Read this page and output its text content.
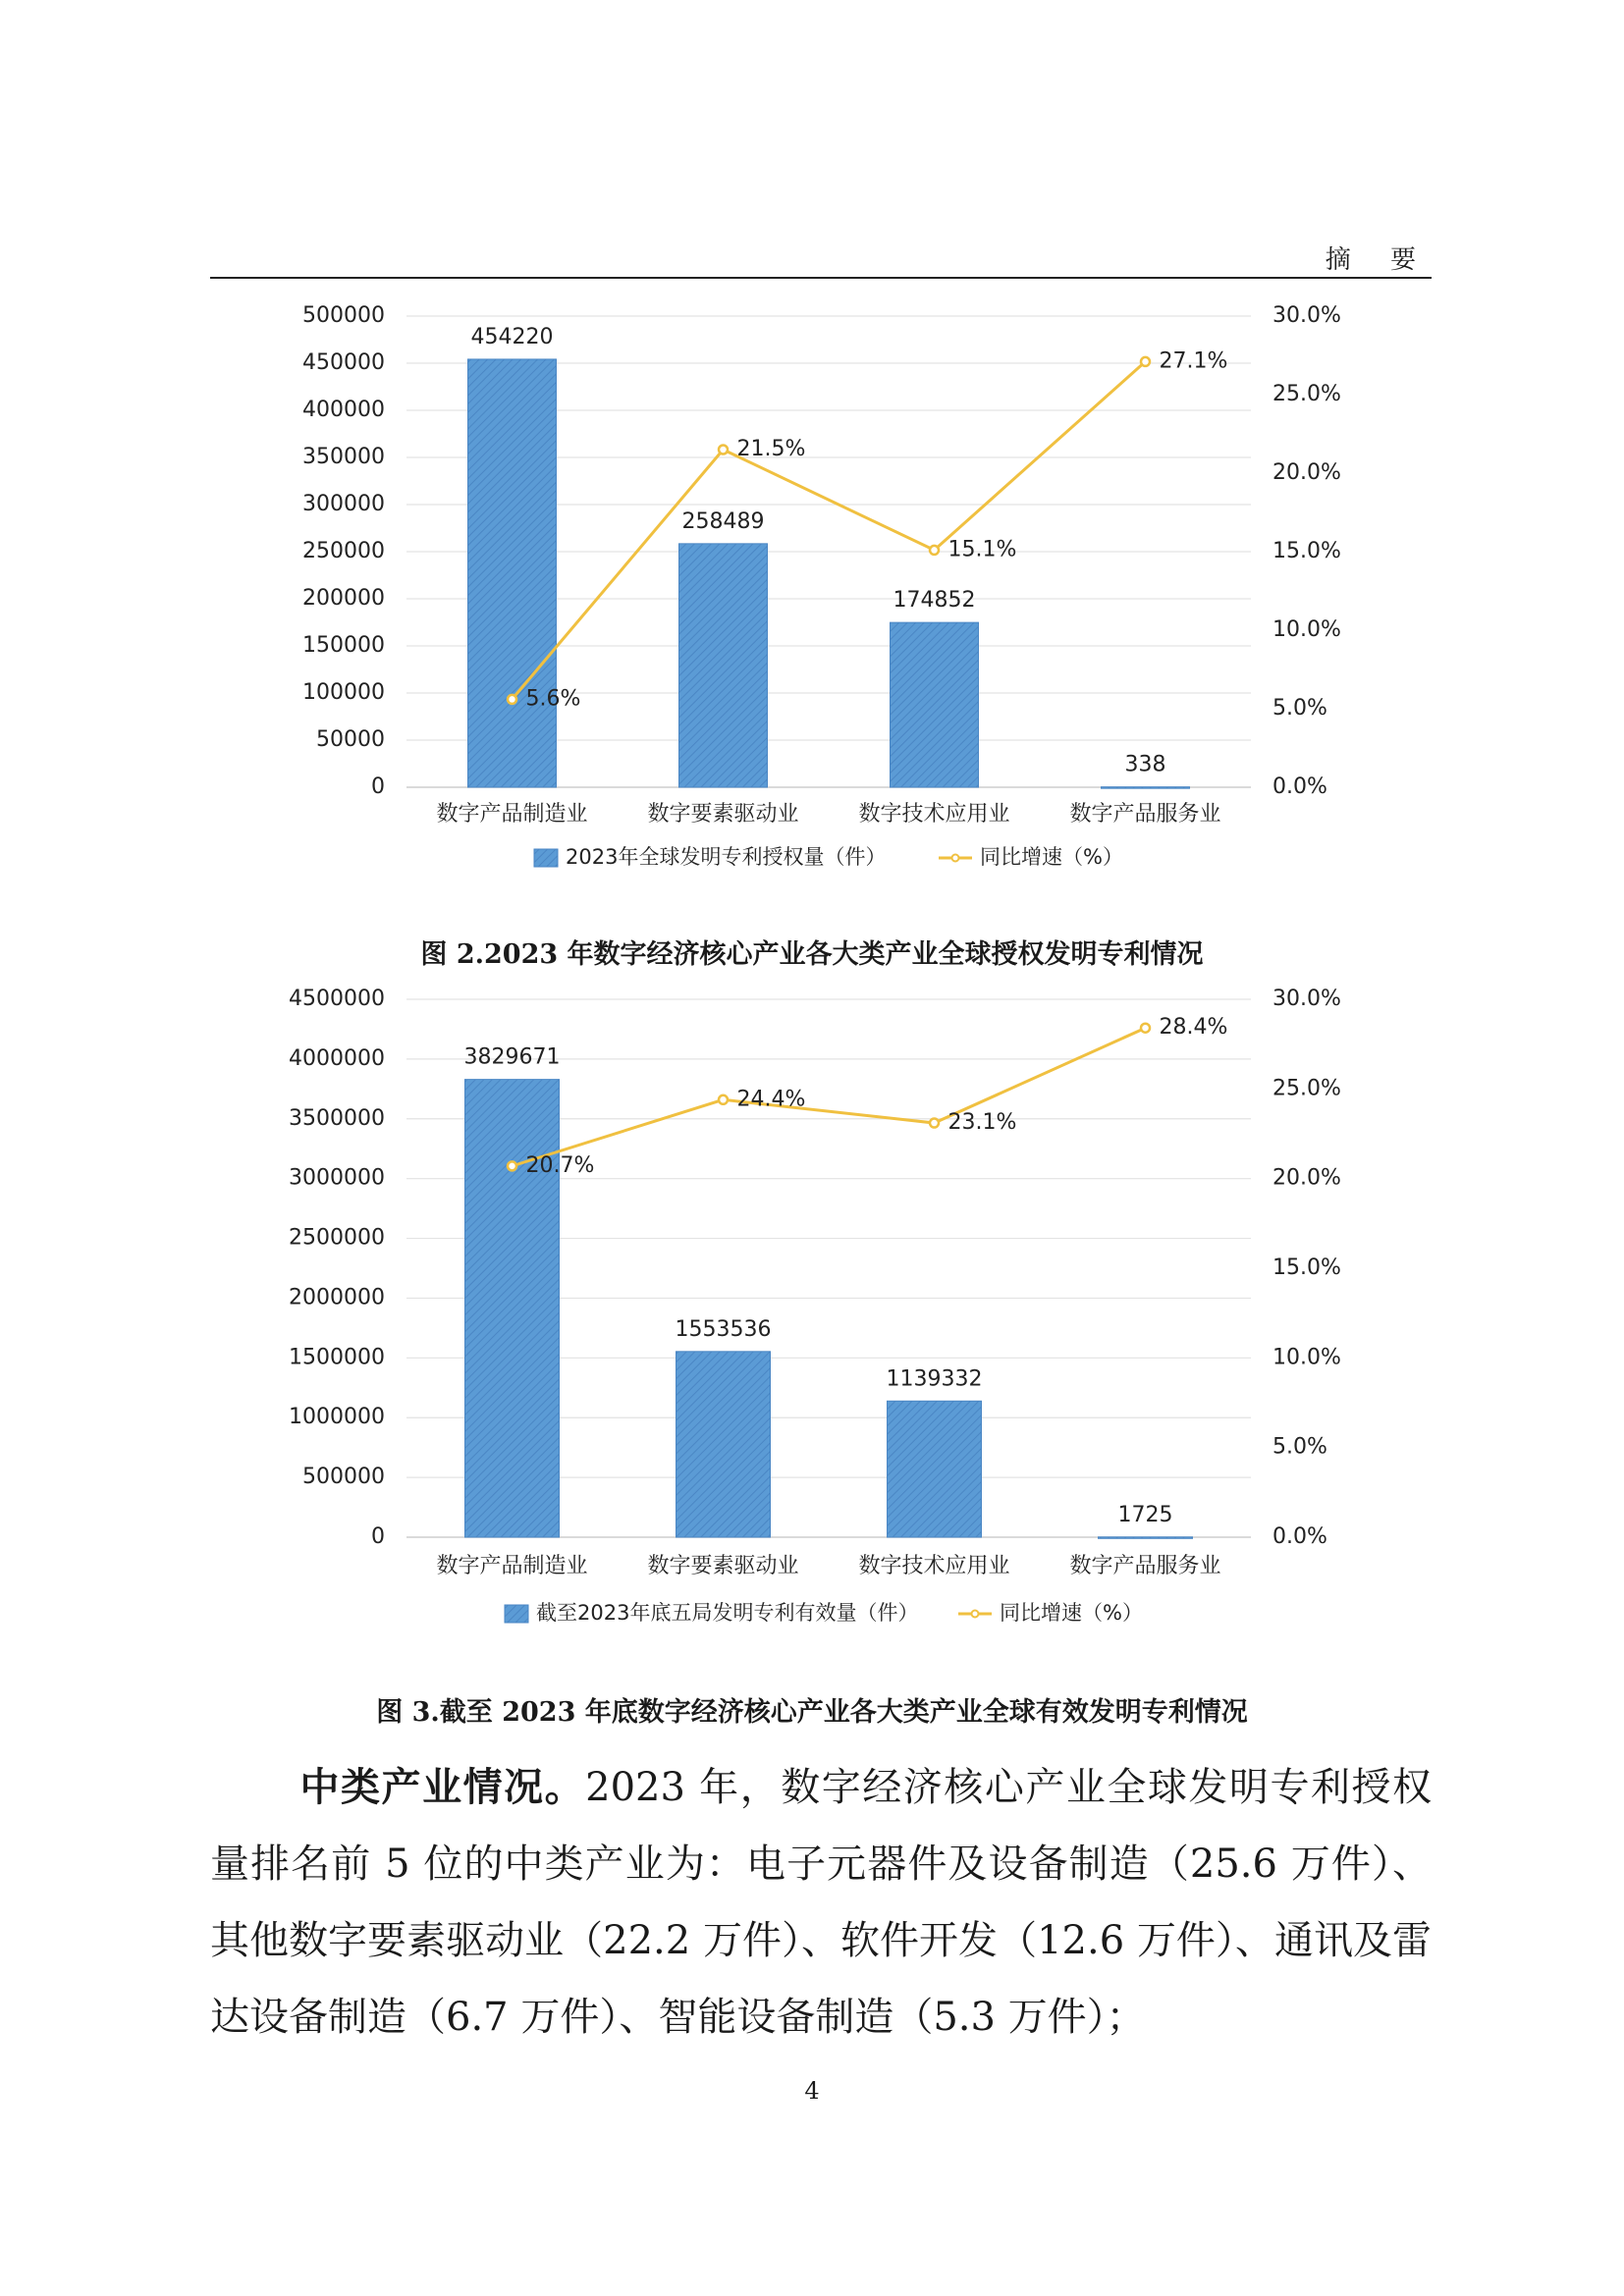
摘 要
0
50000
100000
150000
200000
250000
300000
350000
400000
450000
500000
0.0%
5.0%
10.0%
15.0%
20.0%
25.0%
30.0%
454220
数字产品制造业
258489
数字要素驱动业
174852
数字技术应用业
338
数字产品服务业
5.6%
21.5%
15.1%
27.1%
2023年全球发明专利授权量（件）	同比增速（%）
图 2.2023 年数字经济核心产业各大类产业全球授权发明专利情况
0
500000
1000000
1500000
2000000
2500000
3000000
3500000
4000000
4500000
0.0%
5.0%
10.0%
15.0%
20.0%
25.0%
30.0%
3829671
数字产品制造业
1553536
数字要素驱动业
1139332
数字技术应用业
1725
数字产品服务业
20.7%
24.4%
23.1%
28.4%
截至2023年底五局发明专利有效量（件）	同比增速（%）
图 3.截至 2023 年底数字经济核心产业各大类产业全球有效发明专利情况
中类产业情况。2023 年，数字经济核心产业全球发明专利授权量排名前 5 位的中类产业为：电子元器件及设备制造（25.6 万件）、其他数字要素驱动业（22.2 万件）、软件开发（12.6 万件）、通讯及雷达设备制造（6.7 万件）、智能设备制造（5.3 万件）；
4
